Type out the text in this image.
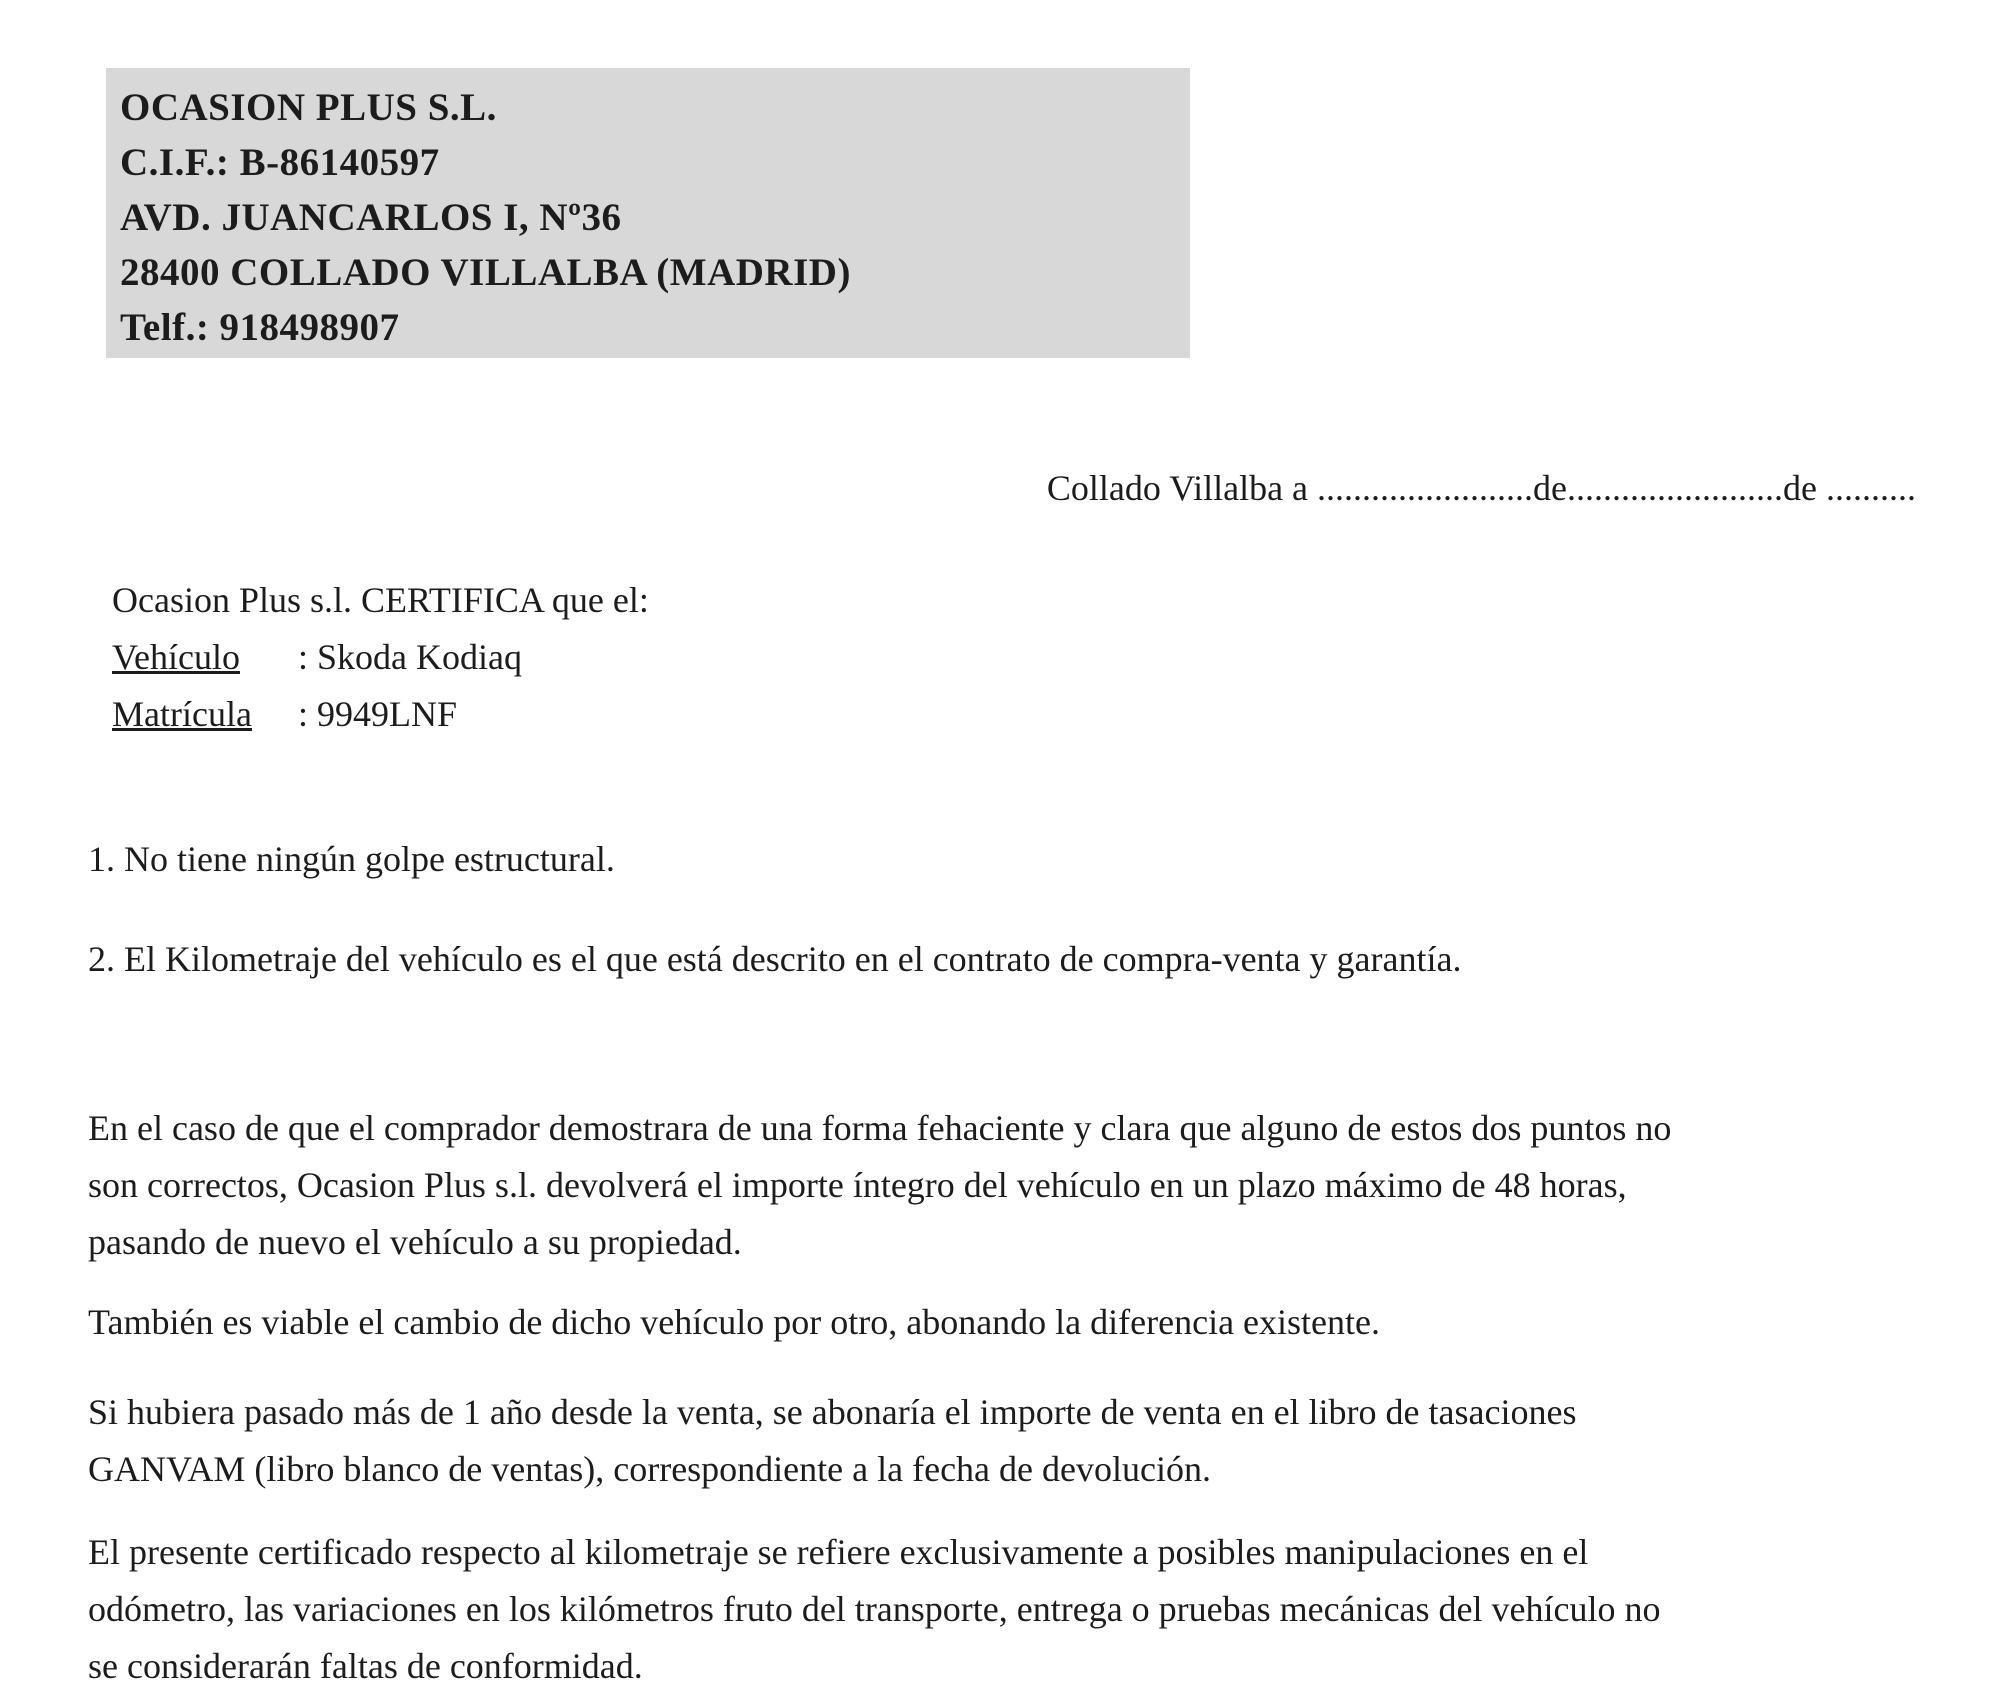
OCASION PLUS S.L.
C.I.F.: B-86140597
AVD. JUANCARLOS I, Nº36
28400 COLLADO VILLALBA (MADRID)
Telf.: 918498907
Collado Villalba a ........................de........................de ..........
Ocasion Plus s.l. CERTIFICA que el:
Vehículo : Skoda Kodiaq
Matrícula : 9949LNF
1. No tiene ningún golpe estructural.
2. El Kilometraje del vehículo es el que está descrito en el contrato de compra-venta y garantía.
En el caso de que el comprador demostrara de una forma fehaciente y clara que alguno de estos dos puntos no
son correctos, Ocasion Plus s.l. devolverá el importe íntegro del vehículo en un plazo máximo de 48 horas,
pasando de nuevo el vehículo a su propiedad.
También es viable el cambio de dicho vehículo por otro, abonando la diferencia existente.
Si hubiera pasado más de 1 año desde la venta, se abonaría el importe de venta en el libro de tasaciones
GANVAM (libro blanco de ventas), correspondiente a la fecha de devolución.
El presente certificado respecto al kilometraje se refiere exclusivamente a posibles manipulaciones en el
odómetro, las variaciones en los kilómetros fruto del transporte, entrega o pruebas mecánicas del vehículo no
se considerarán faltas de conformidad.
